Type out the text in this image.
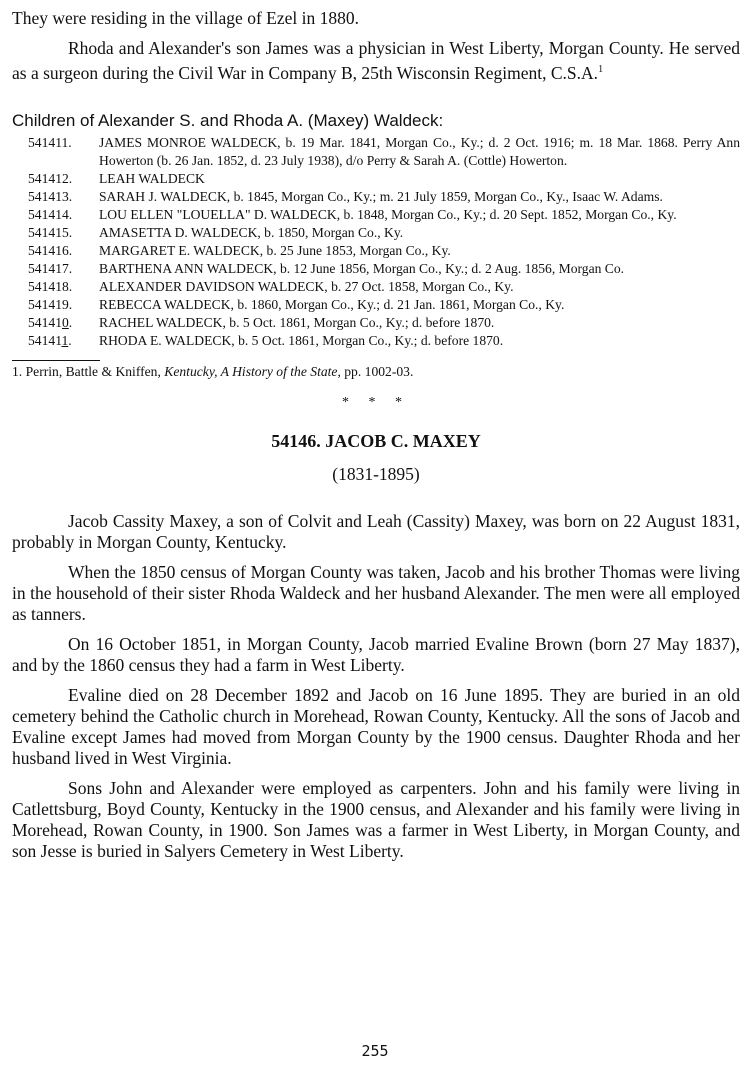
They were residing in the village of Ezel in 1880.

Rhoda and Alexander's son James was a physician in West Liberty, Morgan County. He served as a surgeon during the Civil War in Company B, 25th Wisconsin Regiment, C.S.A.$^1$

Children of Alexander S. and Rhoda A. (Maxey) Waldeck:

541411.	JAMES MONROE WALDECK, b. 19 Mar. 1841, Morgan Co., Ky.; d. 2 Oct. 1916; m. 18 Mar. 1868. Perry Ann Howerton (b. 26 Jan. 1852, d. 23 July 1938), d/o Perry & Sarah A. (Cottle) Howerton.
541412.	LEAH WALDECK
541413.	SARAH J. WALDECK, b. 1845, Morgan Co., Ky.; m. 21 July 1859, Morgan Co., Ky., Isaac W. Adams.
541414.	LOU ELLEN "LOUELLA" D. WALDECK, b. 1848, Morgan Co., Ky.; d. 20 Sept. 1852, Morgan Co., Ky.
541415.	AMASETTA D. WALDECK, b. 1850, Morgan Co., Ky.
541416.	MARGARET E. WALDECK, b. 25 June 1853, Morgan Co., Ky.
541417.	BARTHENA ANN WALDECK, b. 12 June 1856, Morgan Co., Ky.; d. 2 Aug. 1856, Morgan Co.
541418.	ALEXANDER DAVIDSON WALDECK, b. 27 Oct. 1858, Morgan Co., Ky.
541419.	REBECCA WALDECK, b. 1860, Morgan Co., Ky.; d. 21 Jan. 1861, Morgan Co., Ky.
541410.	RACHEL WALDECK, b. 5 Oct. 1861, Morgan Co., Ky.; d. before 1870.
541411.	RHODA E. WALDECK, b. 5 Oct. 1861, Morgan Co., Ky.; d. before 1870.

1. Perrin, Battle & Kniffen, Kentucky, A History of the State, pp. 1002-03.

* * *

54146. JACOB C. MAXEY

(1831-1895)

Jacob Cassity Maxey, a son of Colvit and Leah (Cassity) Maxey, was born on 22 August 1831, probably in Morgan County, Kentucky.

When the 1850 census of Morgan County was taken, Jacob and his brother Thomas were living in the household of their sister Rhoda Waldeck and her husband Alexander. The men were all employed as tanners.

On 16 October 1851, in Morgan County, Jacob married Evaline Brown (born 27 May 1837), and by the 1860 census they had a farm in West Liberty.

Evaline died on 28 December 1892 and Jacob on 16 June 1895. They are buried in an old cemetery behind the Catholic church in Morehead, Rowan County, Kentucky. All the sons of Jacob and Evaline except James had moved from Morgan County by the 1900 census. Daughter Rhoda and her husband lived in West Virginia.

Sons John and Alexander were employed as carpenters. John and his family were living in Catlettsburg, Boyd County, Kentucky in the 1900 census, and Alexander and his family were living in Morehead, Rowan County, in 1900. Son James was a farmer in West Liberty, in Morgan County, and son Jesse is buried in Salyers Cemetery in West Liberty.

255
